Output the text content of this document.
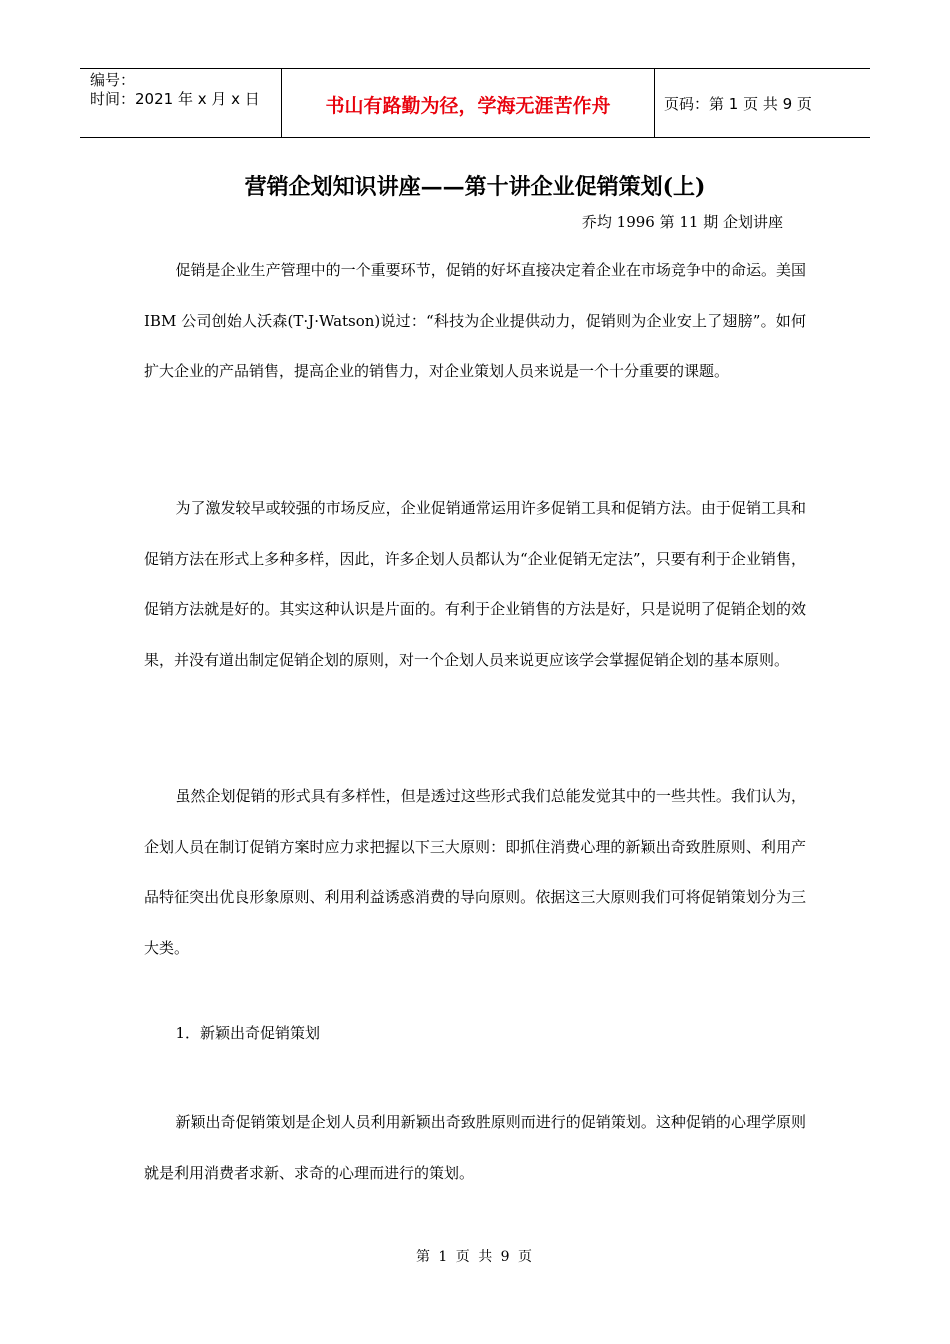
编号：
时间：2021 年 x 月 x 日	书山有路勤为径，学海无涯苦作舟	页码：第 1 页 共 9 页
营销企划知识讲座——第十讲企业促销策划(上)
乔均 1996 第 11 期 企划讲座

促销是企业生产管理中的一个重要环节，促销的好坏直接决定着企业在市场竞争中的命运。美国 IBM 公司创始人沃森(T·J·Watson)说过：“科技为企业提供动力，促销则为企业安上了翅膀”。如何扩大企业的产品销售，提高企业的销售力，对企业策划人员来说是一个十分重要的课题。

为了激发较早或较强的市场反应，企业促销通常运用许多促销工具和促销方法。由于促销工具和促销方法在形式上多种多样，因此，许多企划人员都认为“企业促销无定法”，只要有利于企业销售，促销方法就是好的。其实这种认识是片面的。有利于企业销售的方法是好，只是说明了促销企划的效果，并没有道出制定促销企划的原则，对一个企划人员来说更应该学会掌握促销企划的基本原则。

虽然企划促销的形式具有多样性，但是透过这些形式我们总能发觉其中的一些共性。我们认为，企划人员在制订促销方案时应力求把握以下三大原则：即抓住消费心理的新颖出奇致胜原则、利用产品特征突出优良形象原则、利用利益诱惑消费的导向原则。依据这三大原则我们可将促销策划分为三大类。

1．新颖出奇促销策划

新颖出奇促销策划是企划人员利用新颖出奇致胜原则而进行的促销策划。这种促销的心理学原则就是利用消费者求新、求奇的心理而进行的策划。

第 1 页 共 9 页
